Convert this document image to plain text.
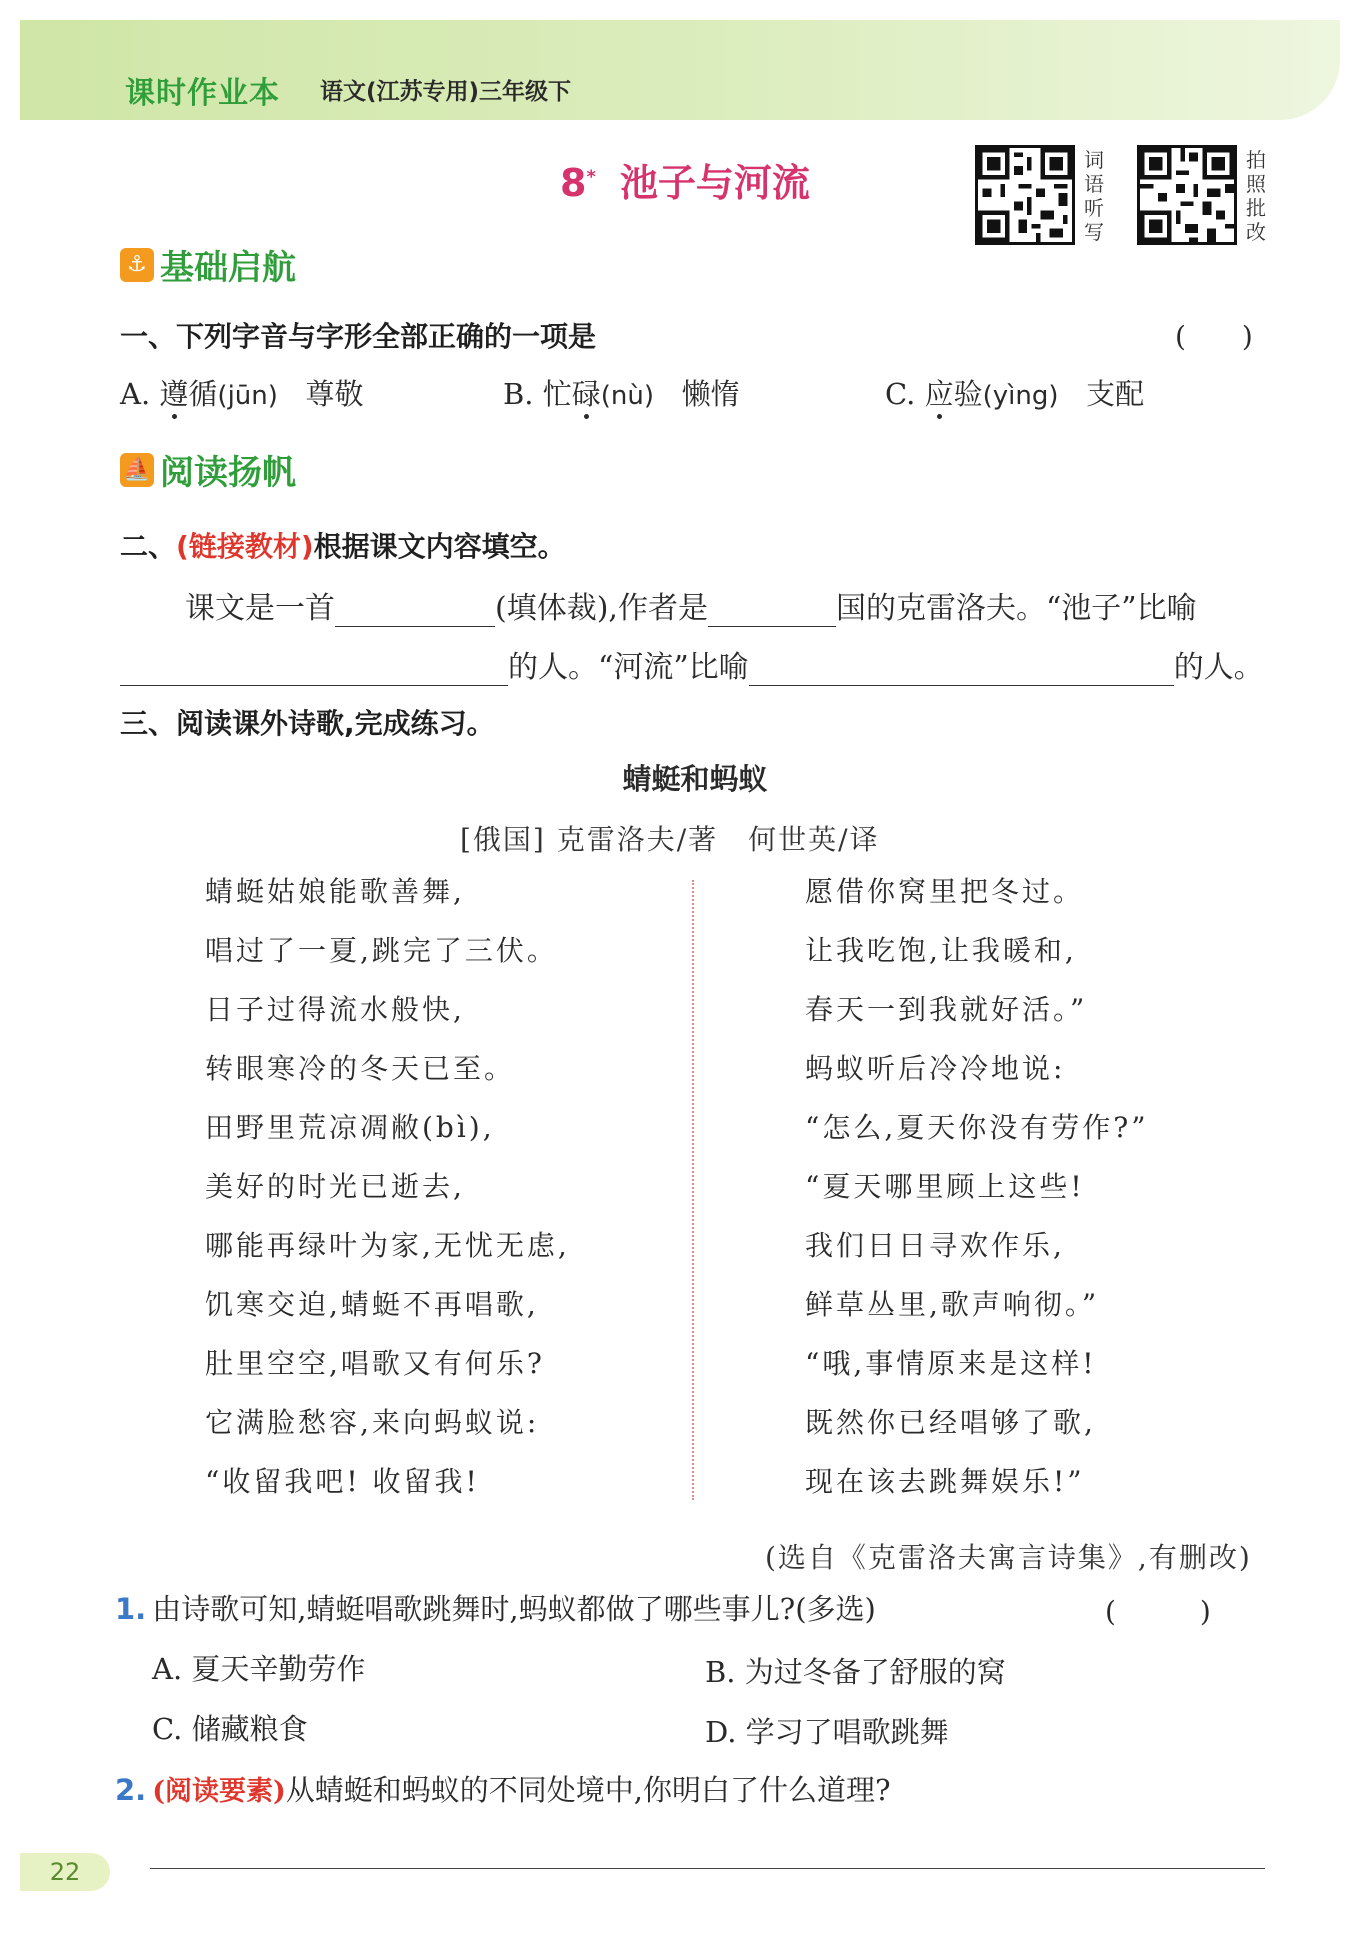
课时作业本 语文(江苏专用)三年级下
8* 池子与河流
词
语
听
写
拍
照
批
改
⚓ 基础启航
一、下列字音与字形全部正确的一项是	(　　)
A. 遵循(jūn) 尊敬	B. 忙碌(nù) 懒惰	C. 应验(yìng) 支配
⛵ 阅读扬帆
二、(链接教材)根据课文内容填空。
课文是一首	(填体裁),作者是	国的克雷洛夫。“池子”比喻
的人。“河流”比喻	的人。
三、阅读课外诗歌,完成练习。
蜻蜓和蚂蚁
[俄国] 克雷洛夫/著　何世英/译
蜻蜓姑娘能歌善舞,
唱过了一夏,跳完了三伏。
日子过得流水般快,
转眼寒冷的冬天已至。
田野里荒凉凋敝(bì),
美好的时光已逝去,
哪能再绿叶为家,无忧无虑,
饥寒交迫,蜻蜓不再唱歌,
肚里空空,唱歌又有何乐?
它满脸愁容,来向蚂蚁说:
“收留我吧! 收留我!
愿借你窝里把冬过。
让我吃饱,让我暖和,
春天一到我就好活。”
蚂蚁听后冷冷地说:
“怎么,夏天你没有劳作?”
“夏天哪里顾上这些!
我们日日寻欢作乐,
鲜草丛里,歌声响彻。”
“哦,事情原来是这样!
既然你已经唱够了歌,
现在该去跳舞娱乐!”
(选自《克雷洛夫寓言诗集》,有删改)
1. 由诗歌可知,蜻蜓唱歌跳舞时,蚂蚁都做了哪些事儿?(多选)	(　　　)
A. 夏天辛勤劳作	B. 为过冬备了舒服的窝
C. 储藏粮食	D. 学习了唱歌跳舞
2. (阅读要素)从蜻蜓和蚂蚁的不同处境中,你明白了什么道理?
22
